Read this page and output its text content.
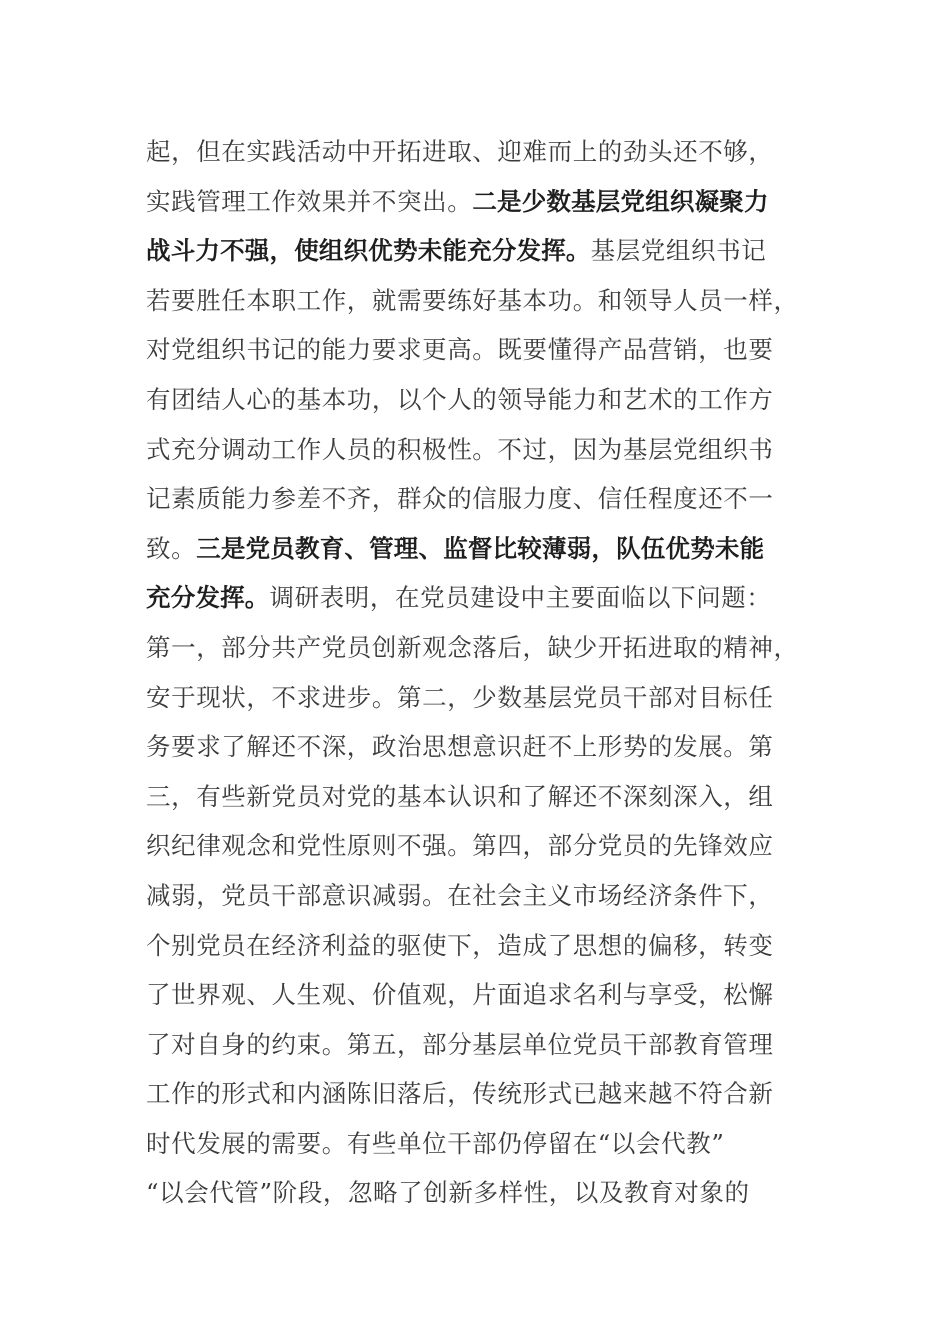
起，但在实践活动中开拓进取、迎难而上的劲头还不够，
实践管理工作效果并不突出。二是少数基层党组织凝聚力
战斗力不强，使组织优势未能充分发挥。基层党组织书记
若要胜任本职工作，就需要练好基本功。和领导人员一样，
对党组织书记的能力要求更高。既要懂得产品营销，也要
有团结人心的基本功，以个人的领导能力和艺术的工作方
式充分调动工作人员的积极性。不过，因为基层党组织书
记素质能力参差不齐，群众的信服力度、信任程度还不一
致。三是党员教育、管理、监督比较薄弱，队伍优势未能
充分发挥。调研表明，在党员建设中主要面临以下问题：
第一，部分共产党员创新观念落后，缺少开拓进取的精神，
安于现状，不求进步。第二，少数基层党员干部对目标任
务要求了解还不深，政治思想意识赶不上形势的发展。第
三，有些新党员对党的基本认识和了解还不深刻深入，组
织纪律观念和党性原则不强。第四，部分党员的先锋效应
减弱，党员干部意识减弱。在社会主义市场经济条件下，
个别党员在经济利益的驱使下，造成了思想的偏移，转变
了世界观、人生观、价值观，片面追求名利与享受，松懈
了对自身的约束。第五，部分基层单位党员干部教育管理
工作的形式和内涵陈旧落后，传统形式已越来越不符合新
时代发展的需要。有些单位干部仍停留在“以会代教”
“以会代管”阶段，忽略了创新多样性，以及教育对象的
